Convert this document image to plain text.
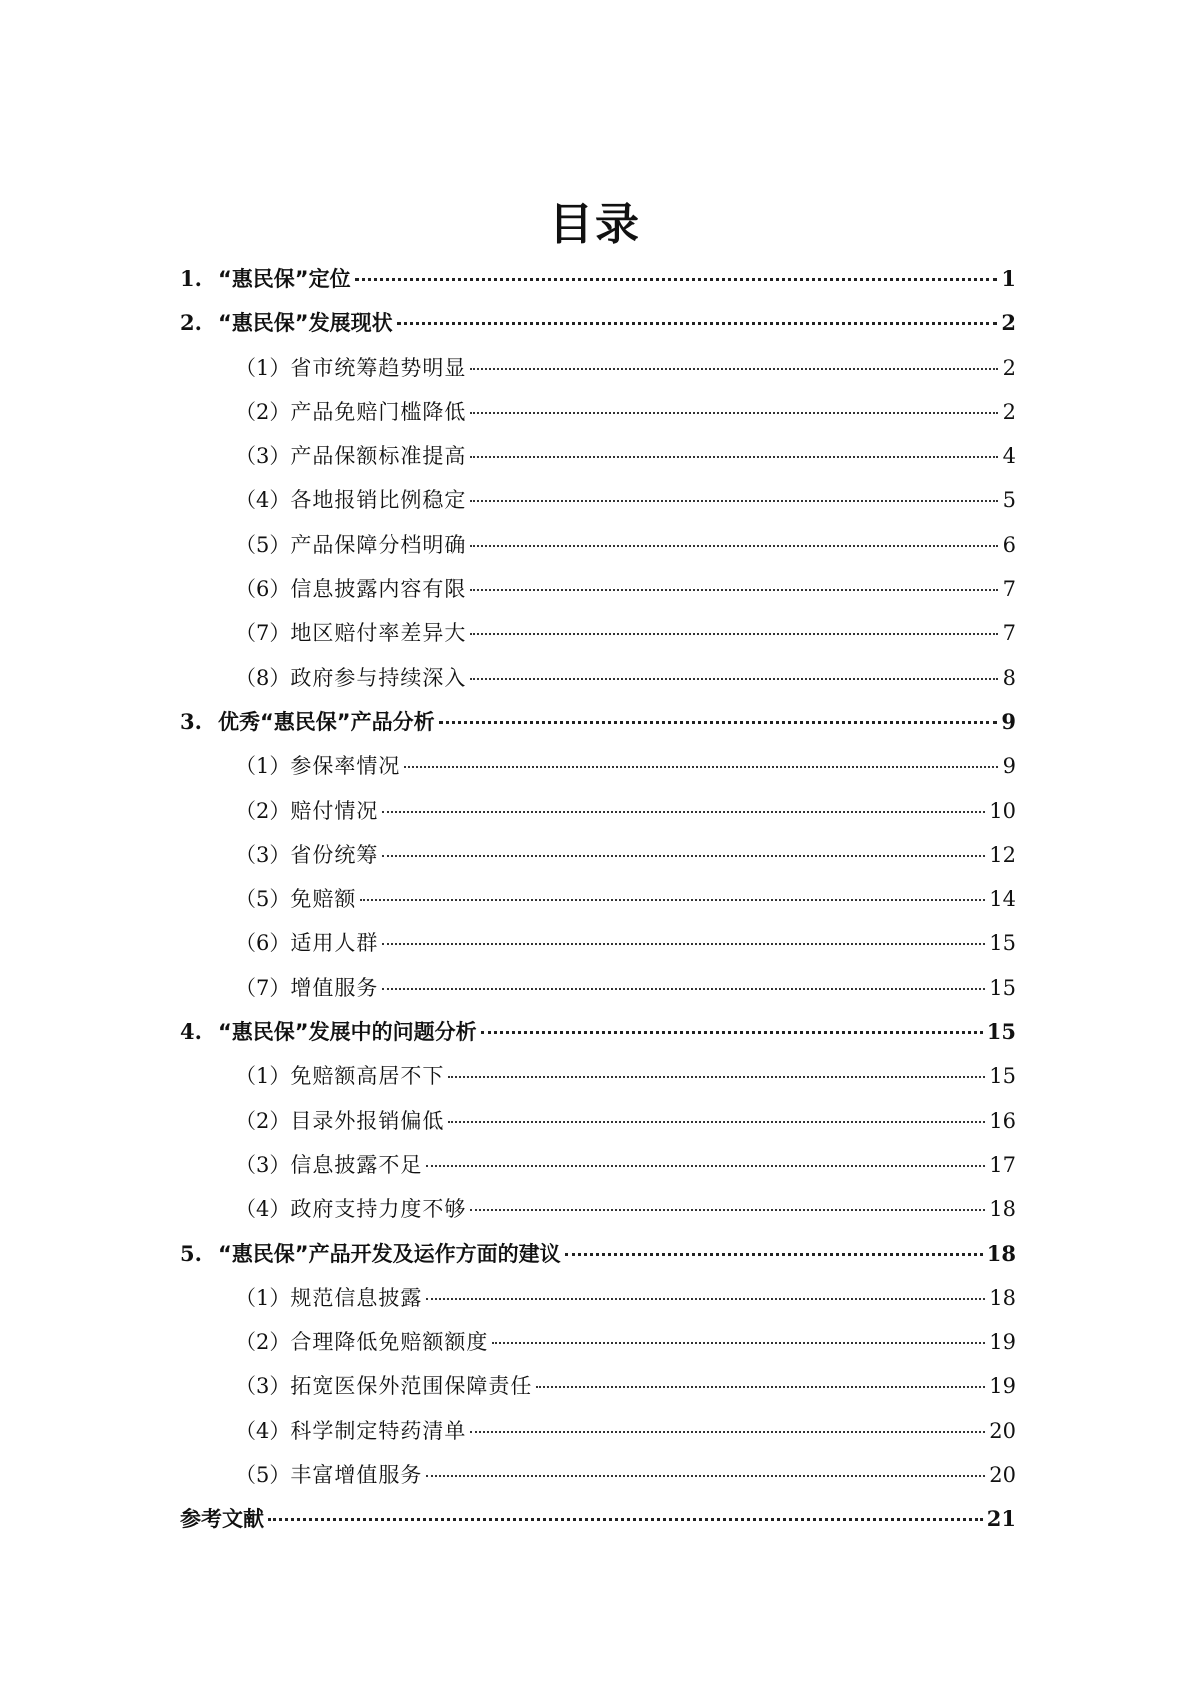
目录
1. “惠民保”定位	1
2. “惠民保”发展现状	2
（1） 省市统筹趋势明显	2
（2） 产品免赔门槛降低	2
（3） 产品保额标准提高	4
（4） 各地报销比例稳定	5
（5） 产品保障分档明确	6
（6） 信息披露内容有限	7
（7） 地区赔付率差异大	7
（8） 政府参与持续深入	8
3. 优秀“惠民保”产品分析	9
（1） 参保率情况	9
（2） 赔付情况	10
（3） 省份统筹	12
（5） 免赔额	14
（6） 适用人群	15
（7） 增值服务	15
4. “惠民保”发展中的问题分析	15
（1） 免赔额高居不下	15
（2） 目录外报销偏低	16
（3） 信息披露不足	17
（4） 政府支持力度不够	18
5. “惠民保”产品开发及运作方面的建议	18
（1） 规范信息披露	18
（2） 合理降低免赔额额度	19
（3） 拓宽医保外范围保障责任	19
（4） 科学制定特药清单	20
（5） 丰富增值服务	20
参考文献	21
